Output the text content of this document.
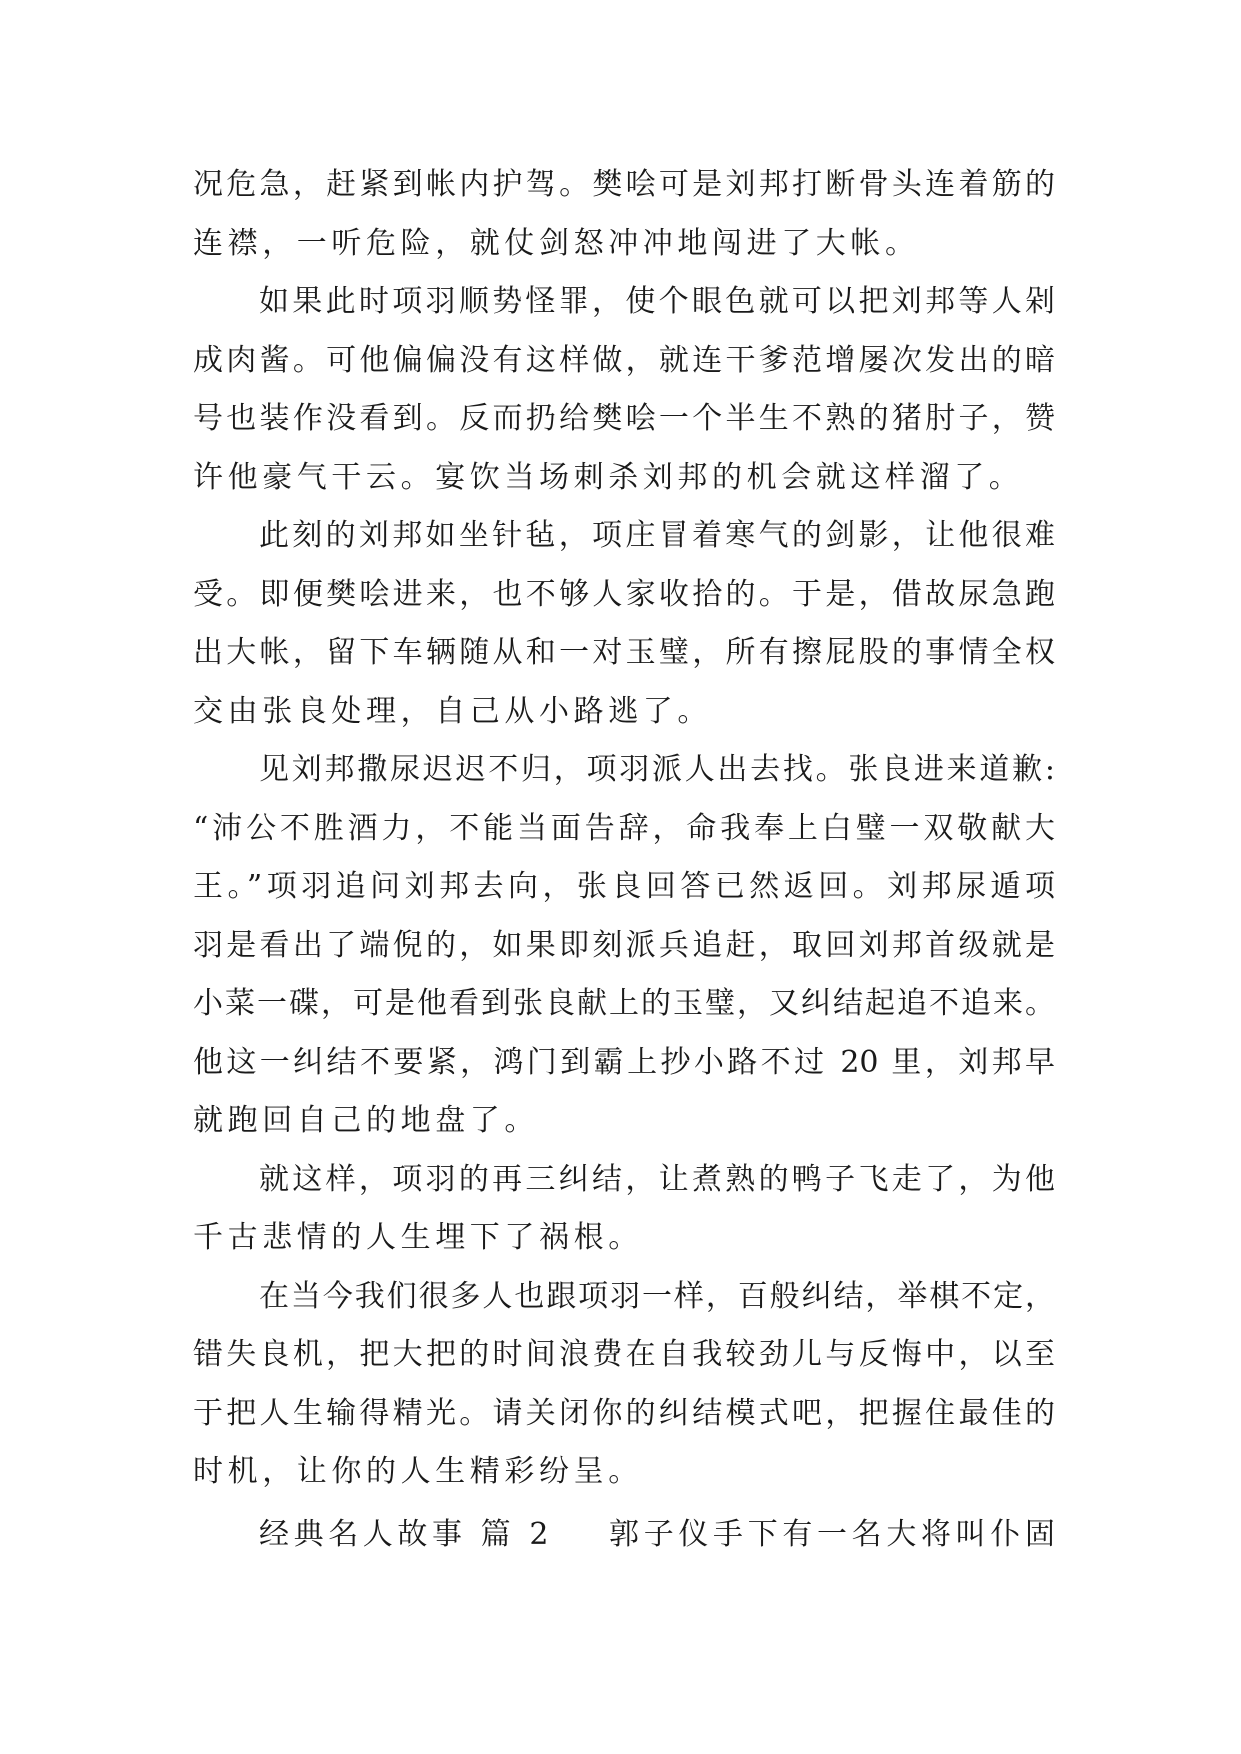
况危急，赶紧到帐内护驾。樊哙可是刘邦打断骨头连着筋的
连襟，一听危险，就仗剑怒冲冲地闯进了大帐。
如果此时项羽顺势怪罪，使个眼色就可以把刘邦等人剁
成肉酱。可他偏偏没有这样做，就连干爹范增屡次发出的暗
号也装作没看到。反而扔给樊哙一个半生不熟的猪肘子，赞
许他豪气干云。宴饮当场刺杀刘邦的机会就这样溜了。
此刻的刘邦如坐针毡，项庄冒着寒气的剑影，让他很难
受。即便樊哙进来，也不够人家收拾的。于是，借故尿急跑
出大帐，留下车辆随从和一对玉璧，所有擦屁股的事情全权
交由张良处理，自己从小路逃了。
见刘邦撒尿迟迟不归，项羽派人出去找。张良进来道歉:
“沛公不胜酒力，不能当面告辞，命我奉上白璧一双敬献大
王。”项羽追问刘邦去向，张良回答已然返回。刘邦尿遁项
羽是看出了端倪的，如果即刻派兵追赶，取回刘邦首级就是
小菜一碟，可是他看到张良献上的玉璧，又纠结起追不追来。
他这一纠结不要紧，鸿门到霸上抄小路不过 20 里，刘邦早
就跑回自己的地盘了。
就这样，项羽的再三纠结，让煮熟的鸭子飞走了，为他
千古悲情的人生埋下了祸根。
在当今我们很多人也跟项羽一样，百般纠结，举棋不定，
错失良机，把大把的时间浪费在自我较劲儿与反悔中，以至
于把人生输得精光。请关闭你的纠结模式吧，把握住最佳的
时机，让你的人生精彩纷呈。
经典名人故事 篇 2 郭子仪手下有一名大将叫仆固
